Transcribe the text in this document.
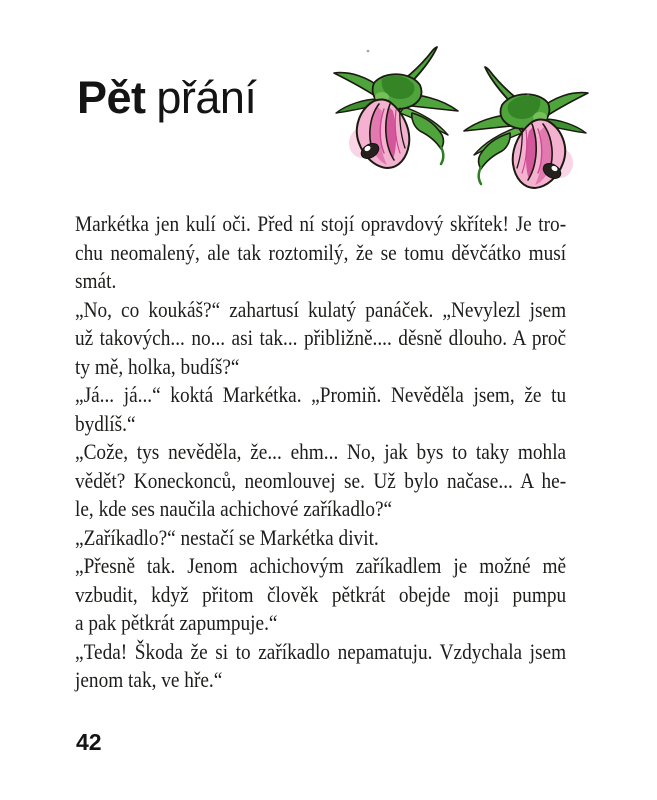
Pět přání
Markétka jen kulí oči. Před ní stojí opravdový skřítek! Je tro-
chu neomalený, ale tak roztomilý, že se tomu děvčátko musí
smát.
„No, co koukáš?“ zahartusí kulatý panáček. „Nevylezl jsem
už takových... no... asi tak... přibližně.... děsně dlouho. A proč
ty mě, holka, budíš?“
„Já... já...“ koktá Markétka. „Promiň. Nevěděla jsem, že tu
bydlíš.“
„Cože, tys nevěděla, že... ehm... No, jak bys to taky mohla
vědět? Koneckonců, neomlouvej se. Už bylo načase... A he-
le, kde ses naučila achichové zaříkadlo?“
„Zaříkadlo?“ nestačí se Markétka divit.
„Přesně tak. Jenom achichovým zaříkadlem je možné mě
vzbudit, když přitom člověk pětkrát obejde moji pumpu
a pak pětkrát zapumpuje.“
„Teda! Škoda že si to zaříkadlo nepamatuju. Vzdychala jsem
jenom tak, ve hře.“
42
